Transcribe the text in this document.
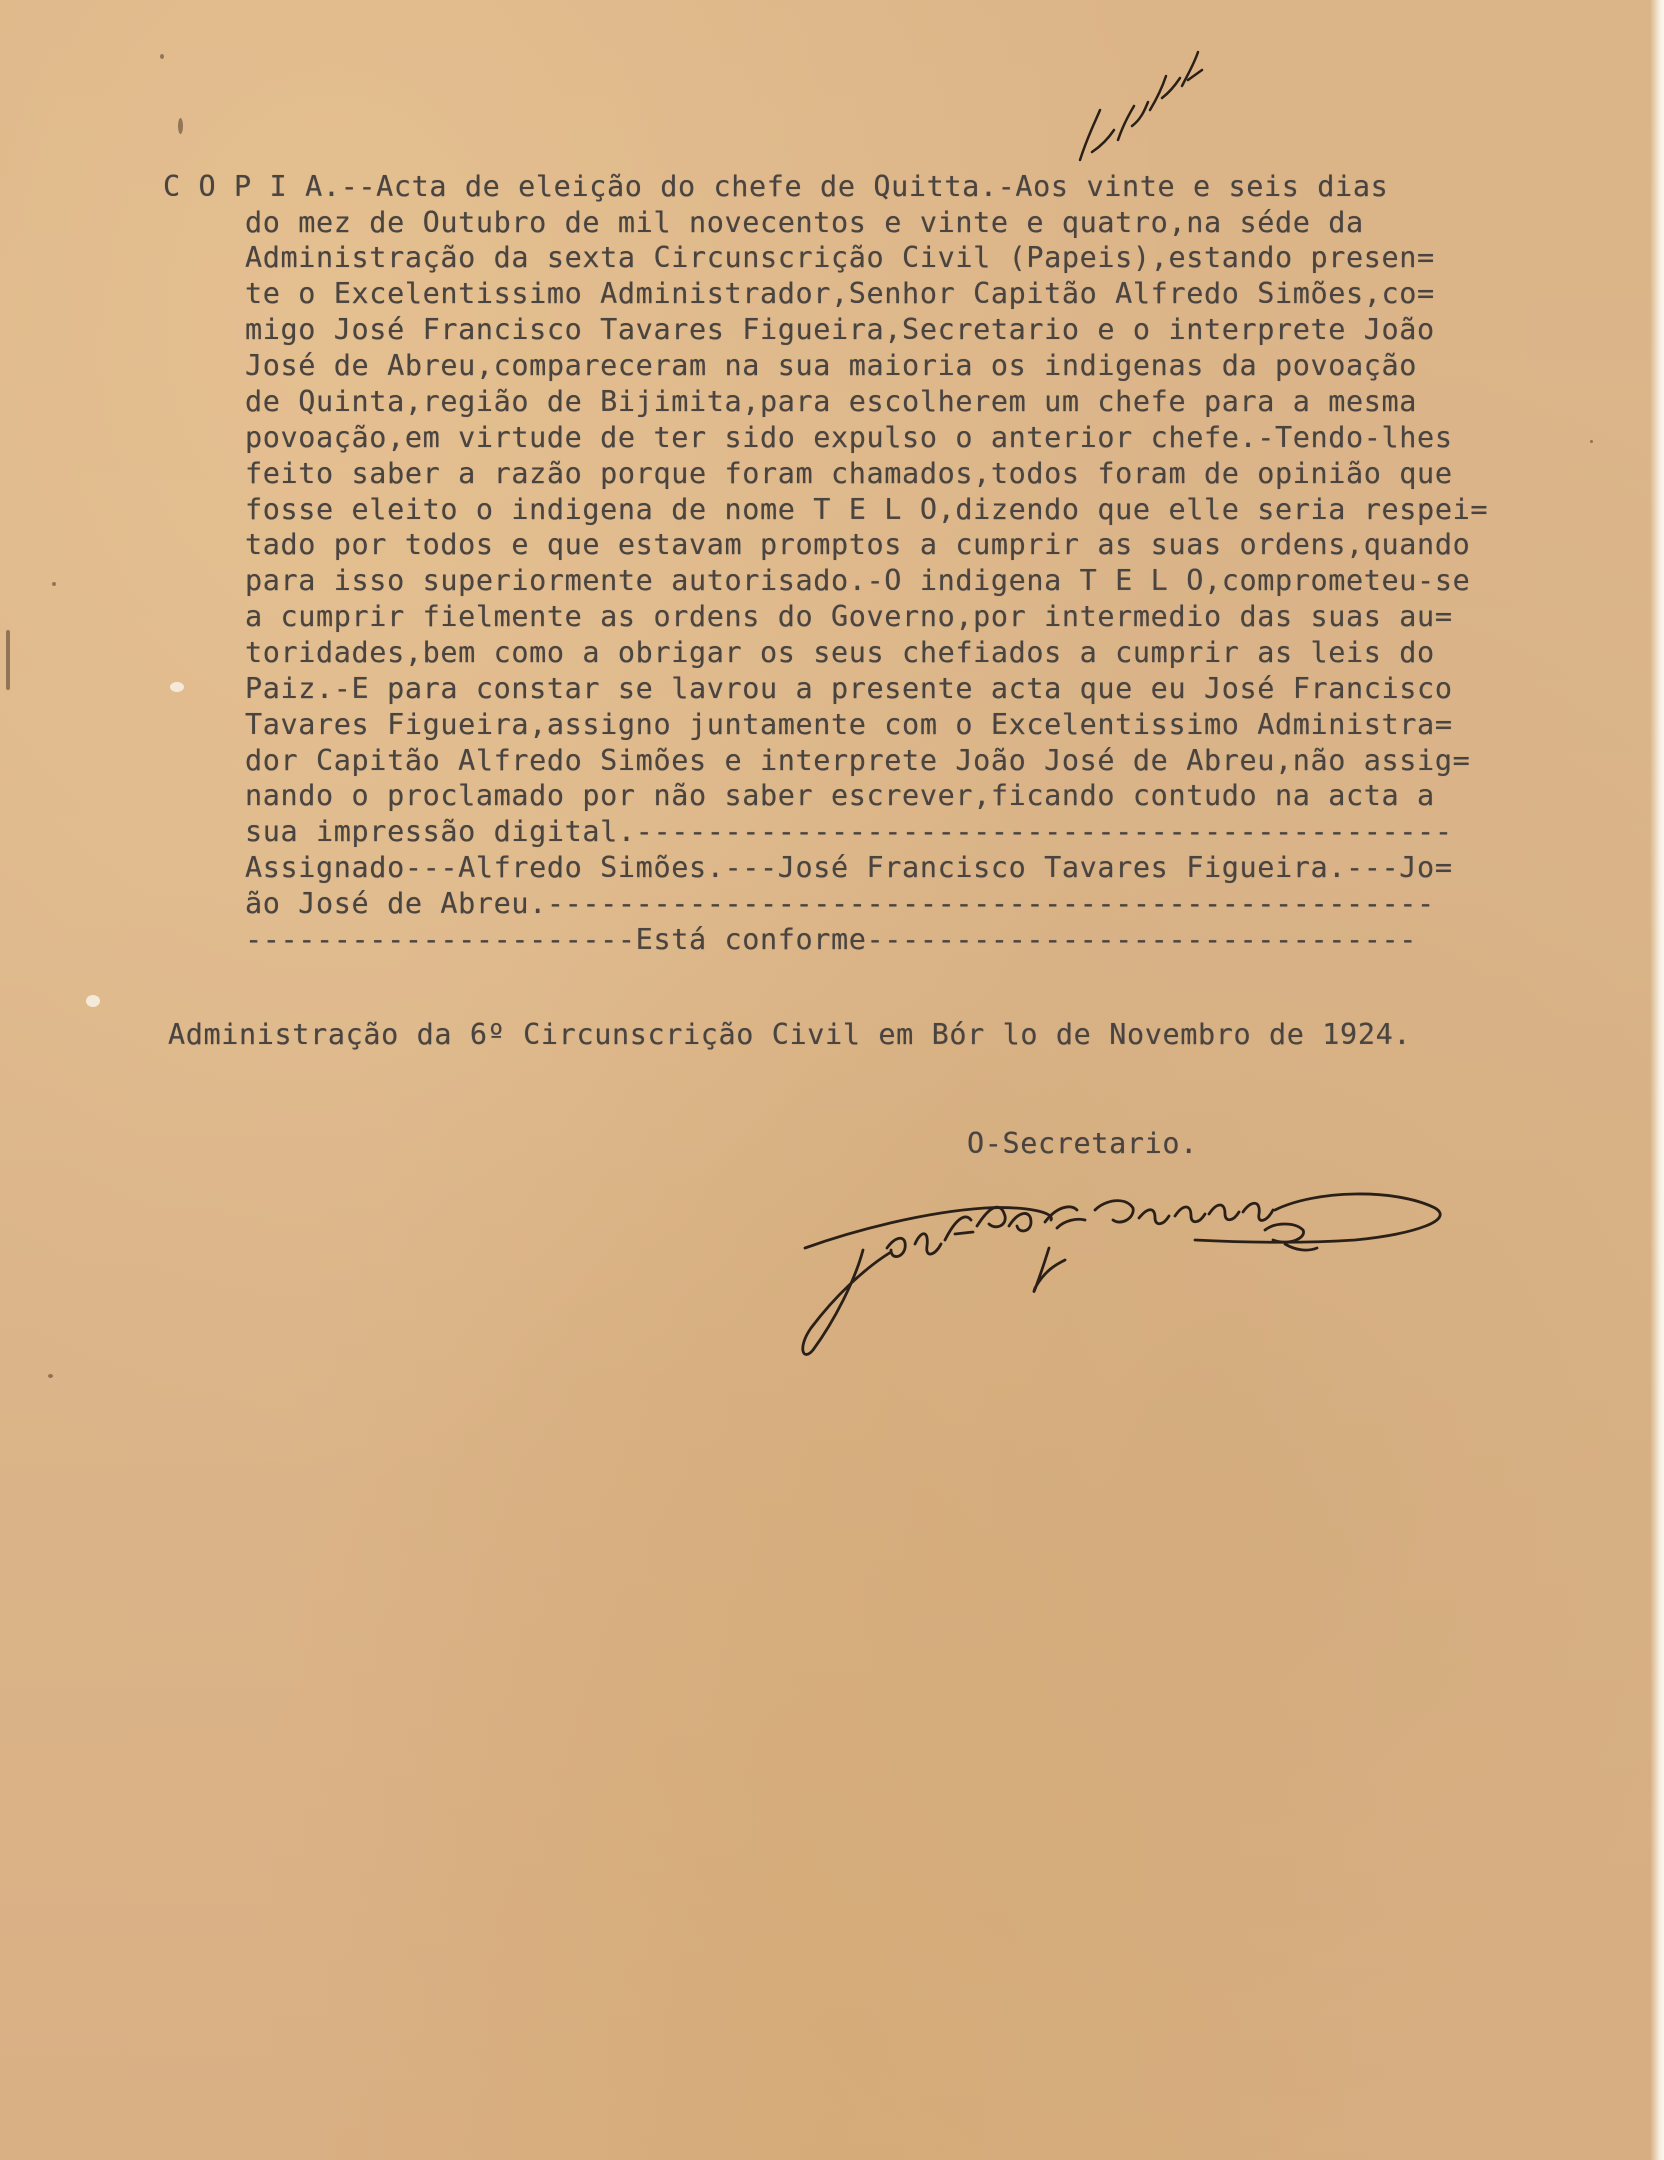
C O P I A.--Acta de eleição do chefe de Quitta.-Aos vinte e seis dias
do mez de Outubro de mil novecentos e vinte e quatro,na séde da
Administração da sexta Circunscrição Civil (Papeis),estando presen=
te o Excelentissimo Administrador,Senhor Capitão Alfredo Simões,co=
migo José Francisco Tavares Figueira,Secretario e o interprete João
José de Abreu,compareceram na sua maioria os indigenas da povoação
de Quinta,região de Bijimita,para escolherem um chefe para a mesma
povoação,em virtude de ter sido expulso o anterior chefe.-Tendo-lhes
feito saber a razão porque foram chamados,todos foram de opinião que
fosse eleito o indigena de nome T E L O,dizendo que elle seria respei=
tado por todos e que estavam promptos a cumprir as suas ordens,quando
para isso superiormente autorisado.-O indigena T E L O,comprometeu-se
a cumprir fielmente as ordens do Governo,por intermedio das suas au=
toridades,bem como a obrigar os seus chefiados a cumprir as leis do
Paiz.-E para constar se lavrou a presente acta que eu José Francisco
Tavares Figueira,assigno juntamente com o Excelentissimo Administra=
dor Capitão Alfredo Simões e interprete João José de Abreu,não assig=
nando o proclamado por não saber escrever,ficando contudo na acta a
sua impressão digital.----------------------------------------------
Assignado---Alfredo Simões.---José Francisco Tavares Figueira.---Jo=
ão José de Abreu.--------------------------------------------------
----------------------Está conforme-------------------------------
Administração da 6º Circunscrição Civil em Bór lo de Novembro de 1924.
O-Secretario.
